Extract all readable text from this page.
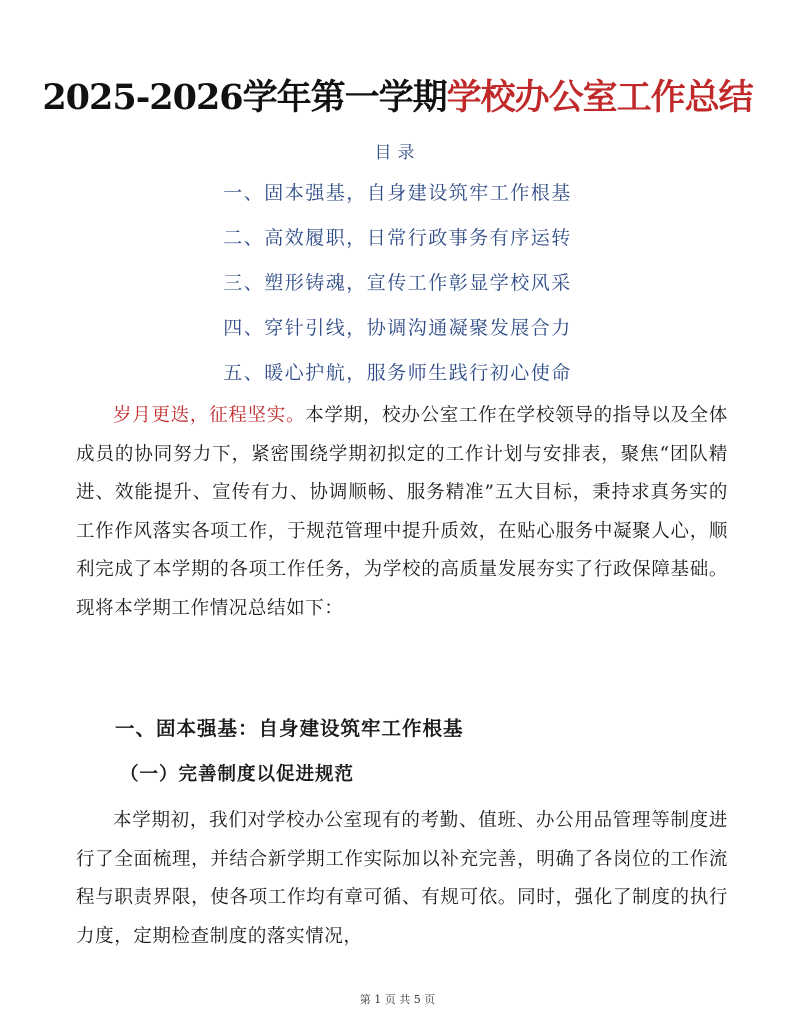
2025-2026学年第一学期学校办公室工作总结
目录
一、固本强基，自身建设筑牢工作根基
二、高效履职，日常行政事务有序运转
三、塑形铸魂，宣传工作彰显学校风采
四、穿针引线，协调沟通凝聚发展合力
五、暖心护航，服务师生践行初心使命

岁月更迭，征程坚实。本学期，校办公室工作在学校领导的指导以及全体成员的协同努力下，紧密围绕学期初拟定的工作计划与安排表，聚焦“团队精进、效能提升、宣传有力、协调顺畅、服务精准”五大目标，秉持求真务实的工作作风落实各项工作，于规范管理中提升质效，在贴心服务中凝聚人心，顺利完成了本学期的各项工作任务，为学校的高质量发展夯实了行政保障基础。现将本学期工作情况总结如下：

一、固本强基：自身建设筑牢工作根基
（一）完善制度以促进规范

本学期初，我们对学校办公室现有的考勤、值班、办公用品管理等制度进行了全面梳理，并结合新学期工作实际加以补充完善，明确了各岗位的工作流程与职责界限，使各项工作均有章可循、有规可依。同时，强化了制度的执行力度，定期检查制度的落实情况，

第 1 页 共 5 页
